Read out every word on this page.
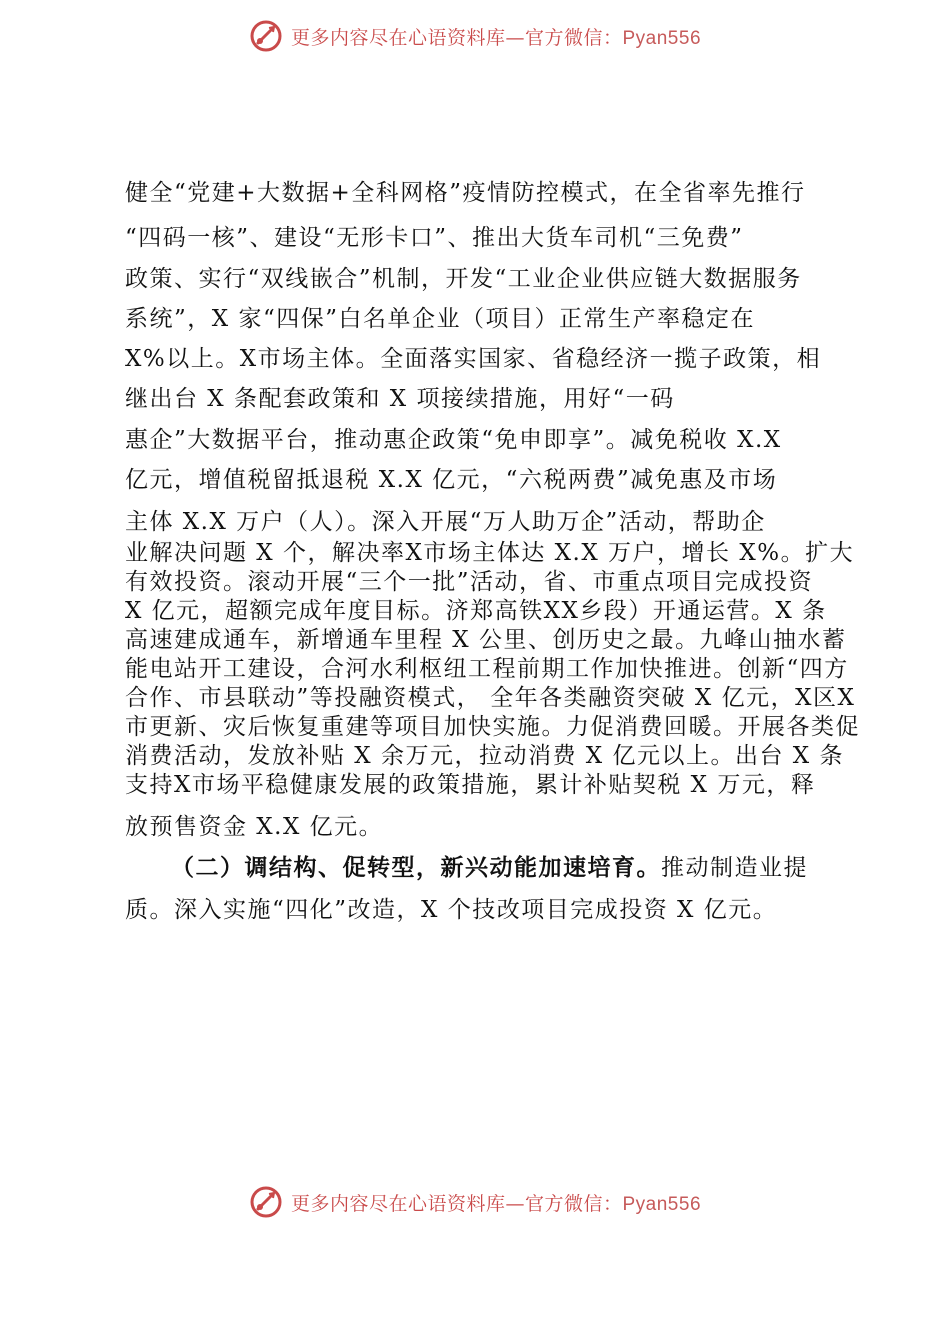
更多内容尽在心语资料库—官方微信：Pyan556
健全“党建+大数据+全科网格”疫情防控模式，在全省率先推行
“四码一核”、建设“无形卡口”、推出大货车司机“三免费”
政策、实行“双线嵌合”机制，开发“工业企业供应链大数据服务
系统”，X 家“四保”白名单企业（项目）正常生产率稳定在
X%以上。X市场主体。全面落实国家、省稳经济一揽子政策，相
继出台 X 条配套政策和 X 项接续措施，用好“一码
惠企”大数据平台，推动惠企政策“免申即享”。减免税收 X.X
亿元，增值税留抵退税 X.X 亿元，“六税两费”减免惠及市场
主体 X.X 万户（人）。深入开展“万人助万企”活动，帮助企
业解决问题 X 个，解决率X市场主体达 X.X 万户，增长 X%。扩大
有效投资。滚动开展“三个一批”活动，省、市重点项目完成投资
X 亿元，超额完成年度目标。济郑高铁XX乡段）开通运营。X 条
高速建成通车，新增通车里程 X 公里、创历史之最。九峰山抽水蓄
能电站开工建设，合河水利枢纽工程前期工作加快推进。创新“四方
合作、市县联动”等投融资模式， 全年各类融资突破 X 亿元，X区X
市更新、灾后恢复重建等项目加快实施。力促消费回暖。开展各类促
消费活动，发放补贴 X 余万元，拉动消费 X 亿元以上。出台 X 条
支持X市场平稳健康发展的政策措施，累计补贴契税 X 万元，释
放预售资金 X.X 亿元。
（二）调结构、促转型，新兴动能加速培育。推动制造业提
质。深入实施“四化”改造，X 个技改项目完成投资 X 亿元。
更多内容尽在心语资料库—官方微信：Pyan556
